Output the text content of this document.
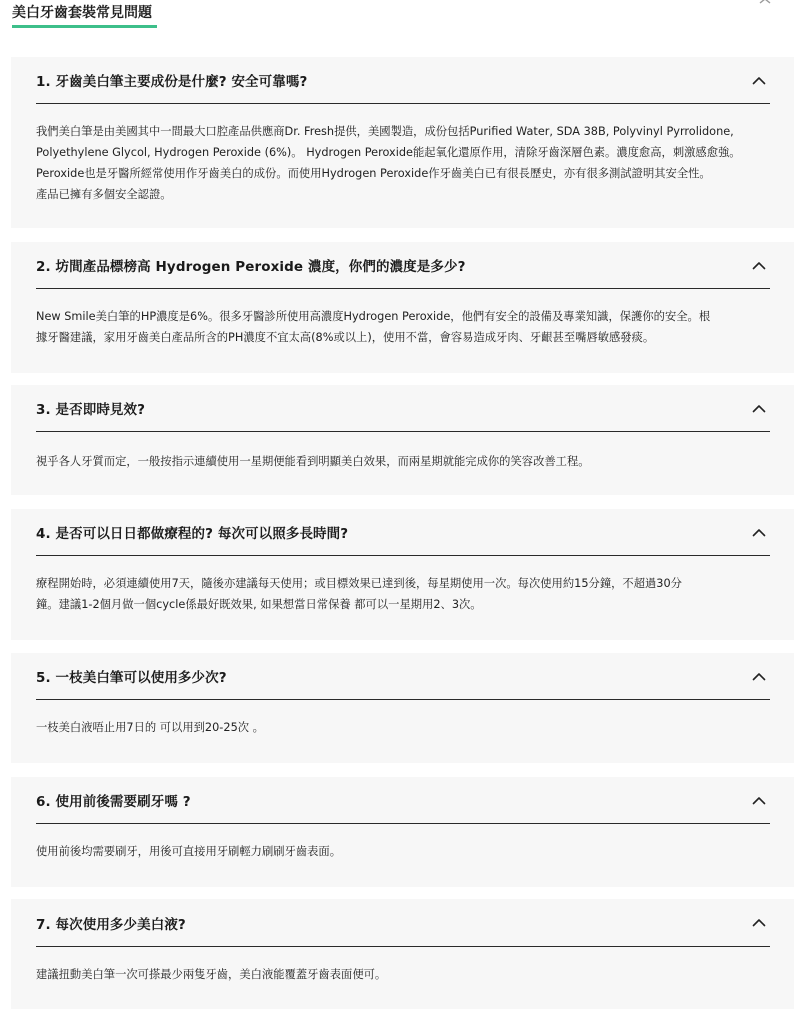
美白牙齒套裝常見問題
1. 牙齒美白筆主要成份是什麼? 安全可靠嗎?
我們美白筆是由美國其中一間最大口腔產品供應商Dr. Fresh提供，美國製造，成份包括Purified Water, SDA 38B, Polyvinyl Pyrrolidone,
Polyethylene Glycol, Hydrogen Peroxide (6%)。 Hydrogen Peroxide能起氧化還原作用，清除牙齒深層色素。濃度愈高，刺激感愈強。
Peroxide也是牙醫所經常使用作牙齒美白的成份。而使用Hydrogen Peroxide作牙齒美白已有很長歷史，亦有很多測試證明其安全性。
產品已擁有多個安全認證。
2. 坊間產品標榜高 Hydrogen Peroxide 濃度，你們的濃度是多少?
New Smile美白筆的HP濃度是6%。很多牙醫診所使用高濃度Hydrogen Peroxide，他們有安全的設備及專業知識，保護你的安全。根
據牙醫建議，家用牙齒美白產品所含的PH濃度不宜太高(8%或以上)，使用不當，會容易造成牙肉、牙齦甚至嘴唇敏感發痰。
3. 是否即時見效?
視乎各人牙質而定，一般按指示連續使用一星期便能看到明顯美白效果，而兩星期就能完成你的笑容改善工程。
4. 是否可以日日都做療程的? 每次可以照多長時間?
療程開始時，必須連續使用7天，隨後亦建議每天使用；或目標效果已達到後，每星期使用一次。每次使用約15分鐘，不超過30分
鐘。建議1-2個月做一個cycle係最好既效果, 如果想當日常保養 都可以一星期用2、3次。
5. 一枝美白筆可以使用多少次?
一枝美白液唔止用7日的 可以用到20-25次 。
6. 使用前後需要刷牙嗎 ?
使用前後均需要刷牙，用後可直接用牙刷輕力刷刷牙齒表面。
7. 每次使用多少美白液?
建議扭動美白筆一次可搽最少兩隻牙齒，美白液能覆蓋牙齒表面便可。
